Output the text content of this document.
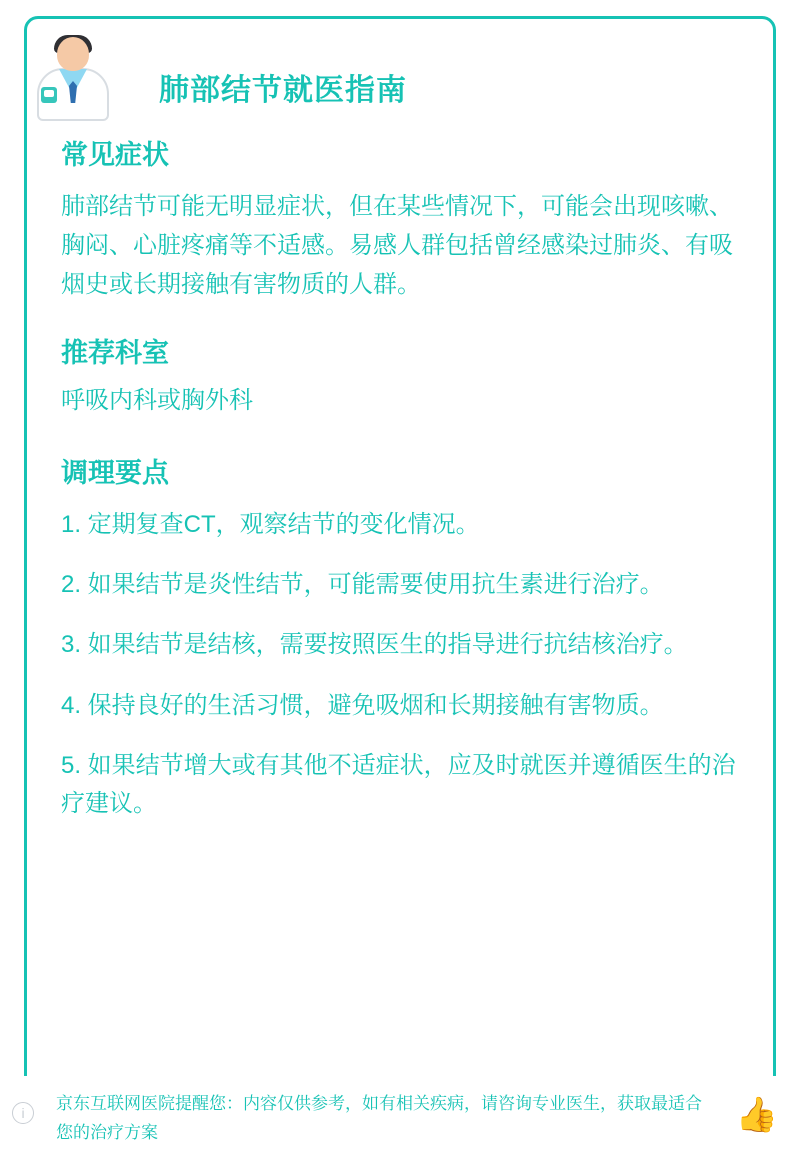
肺部结节就医指南
常见症状

肺部结节可能无明显症状，但在某些情况下，可能会出现咳嗽、胸闷、心脏疼痛等不适感。易感人群包括曾经感染过肺炎、有吸烟史或长期接触有害物质的人群。

推荐科室

呼吸内科或胸外科

调理要点

1. 定期复查CT，观察结节的变化情况。

2. 如果结节是炎性结节，可能需要使用抗生素进行治疗。

3. 如果结节是结核，需要按照医生的指导进行抗结核治疗。

4. 保持良好的生活习惯，避免吸烟和长期接触有害物质。

5. 如果结节增大或有其他不适症状，应及时就医并遵循医生的治疗建议。

i	京东互联网医院提醒您：内容仅供参考，如有相关疾病，请咨询专业医生，获取最适合您的治疗方案	👍
